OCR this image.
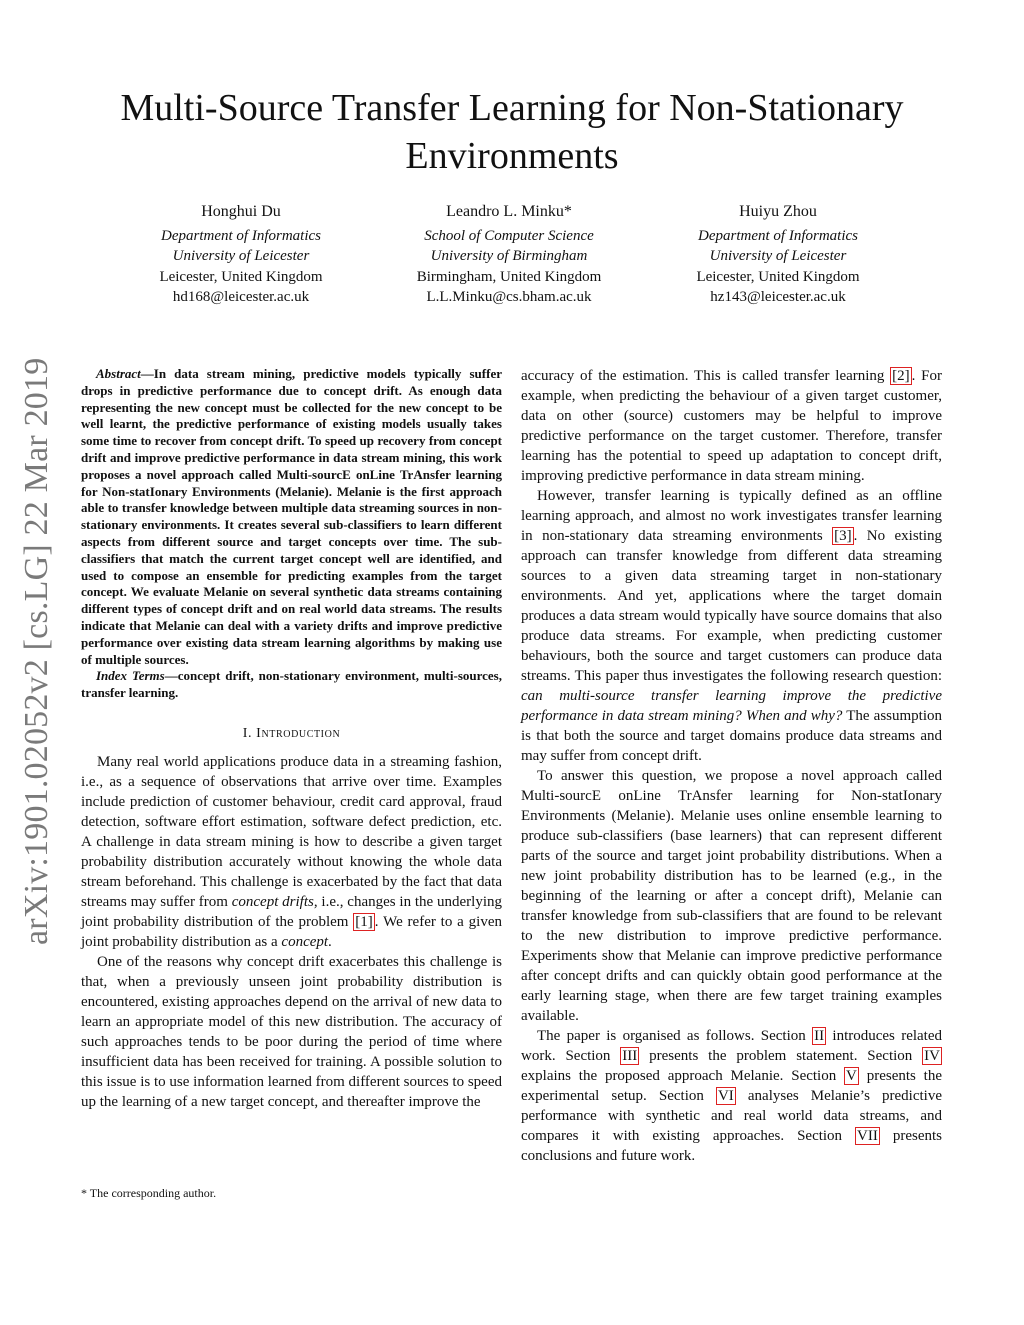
Multi-Source Transfer Learning for Non-Stationary
Environments
Honghui Du
Department of Informatics
University of Leicester
Leicester, United Kingdom
hd168@leicester.ac.uk
Leandro L. Minku*
School of Computer Science
University of Birmingham
Birmingham, United Kingdom
L.L.Minku@cs.bham.ac.uk
Huiyu Zhou
Department of Informatics
University of Leicester
Leicester, United Kingdom
hz143@leicester.ac.uk
arXiv:1901.02052v2 [cs.LG] 22 Mar 2019	Abstract—In data stream mining, predictive models typically suffer drops in predictive performance due to concept drift. As enough data representing the new concept must be collected for the new concept to be well learnt, the predictive performance of existing models usually takes some time to recover from concept drift. To speed up recovery from concept drift and improve predictive performance in data stream mining, this work proposes a novel approach called Multi-sourcE onLine TrAnsfer learning for Non-statIonary Environments (Melanie). Melanie is the first approach able to transfer knowledge between multiple data streaming sources in non-stationary environments. It creates several sub-classifiers to learn different aspects from different source and target concepts over time. The sub-classifiers that match the current target concept well are identified, and used to compose an ensemble for predicting examples from the target concept. We evaluate Melanie on several synthetic data streams containing different types of concept drift and on real world data streams. The results indicate that Melanie can deal with a variety drifts and improve predictive performance over existing data stream learning algorithms by making use of multiple sources.

Index Terms—concept drift, non-stationary environment, multi-sources, transfer learning.

I. Introduction

Many real world applications produce data in a streaming fashion, i.e., as a sequence of observations that arrive over time. Examples include prediction of customer behaviour, credit card approval, fraud detection, software effort estimation, software defect prediction, etc. A challenge in data stream mining is how to describe a given target probability distribution accurately without knowing the whole data stream beforehand. This challenge is exacerbated by the fact that data streams may suffer from concept drifts, i.e., changes in the underlying joint probability distribution of the problem [1] . We refer to a given joint probability distribution as a concept.

One of the reasons why concept drift exacerbates this challenge is that, when a previously unseen joint probability distribution is encountered, existing approaches depend on the arrival of new data to learn an appropriate model of this new distribution. The accuracy of such approaches tends to be poor during the period of time where insufficient data has been received for training. A possible solution to this issue is to use information learned from different sources to speed up the learning of a new target concept, and thereafter improve the

* The corresponding author.

accuracy of the estimation. This is called transfer learning [2] . For example, when predicting the behaviour of a given target customer, data on other (source) customers may be helpful to improve predictive performance on the target customer. Therefore, transfer learning has the potential to speed up adaptation to concept drift, improving predictive performance in data stream mining.

However, transfer learning is typically defined as an offline learning approach, and almost no work investigates transfer learning in non-stationary data streaming environments [3] . No existing approach can transfer knowledge from different data streaming sources to a given data streaming target in non-stationary environments. And yet, applications where the target domain produces a data stream would typically have source domains that also produce data streams. For example, when predicting customer behaviours, both the source and target customers can produce data streams. This paper thus investigates the following research question: can multi-source transfer learning improve the predictive performance in data stream mining? When and why? The assumption is that both the source and target domains produce data streams and may suffer from concept drift.

To answer this question, we propose a novel approach called Multi-sourcE onLine TrAnsfer learning for Non-statIonary Environments (Melanie). Melanie uses online ensemble learning to produce sub-classifiers (base learners) that can represent different parts of the source and target joint probability distributions. When a new joint probability distribution has to be learned (e.g., in the beginning of the learning or after a concept drift), Melanie can transfer knowledge from sub-classifiers that are found to be relevant to the new distribution to improve predictive performance. Experiments show that Melanie can improve predictive performance after concept drifts and can quickly obtain good performance at the early learning stage, when there are few target training examples available.

The paper is organised as follows. Section II introduces related work. Section III presents the problem statement. Section IV explains the proposed approach Melanie. Section V presents the experimental setup. Section VI analyses Melanie’s predictive performance with synthetic and real world data streams, and compares it with existing approaches. Section VII presents conclusions and future work.
